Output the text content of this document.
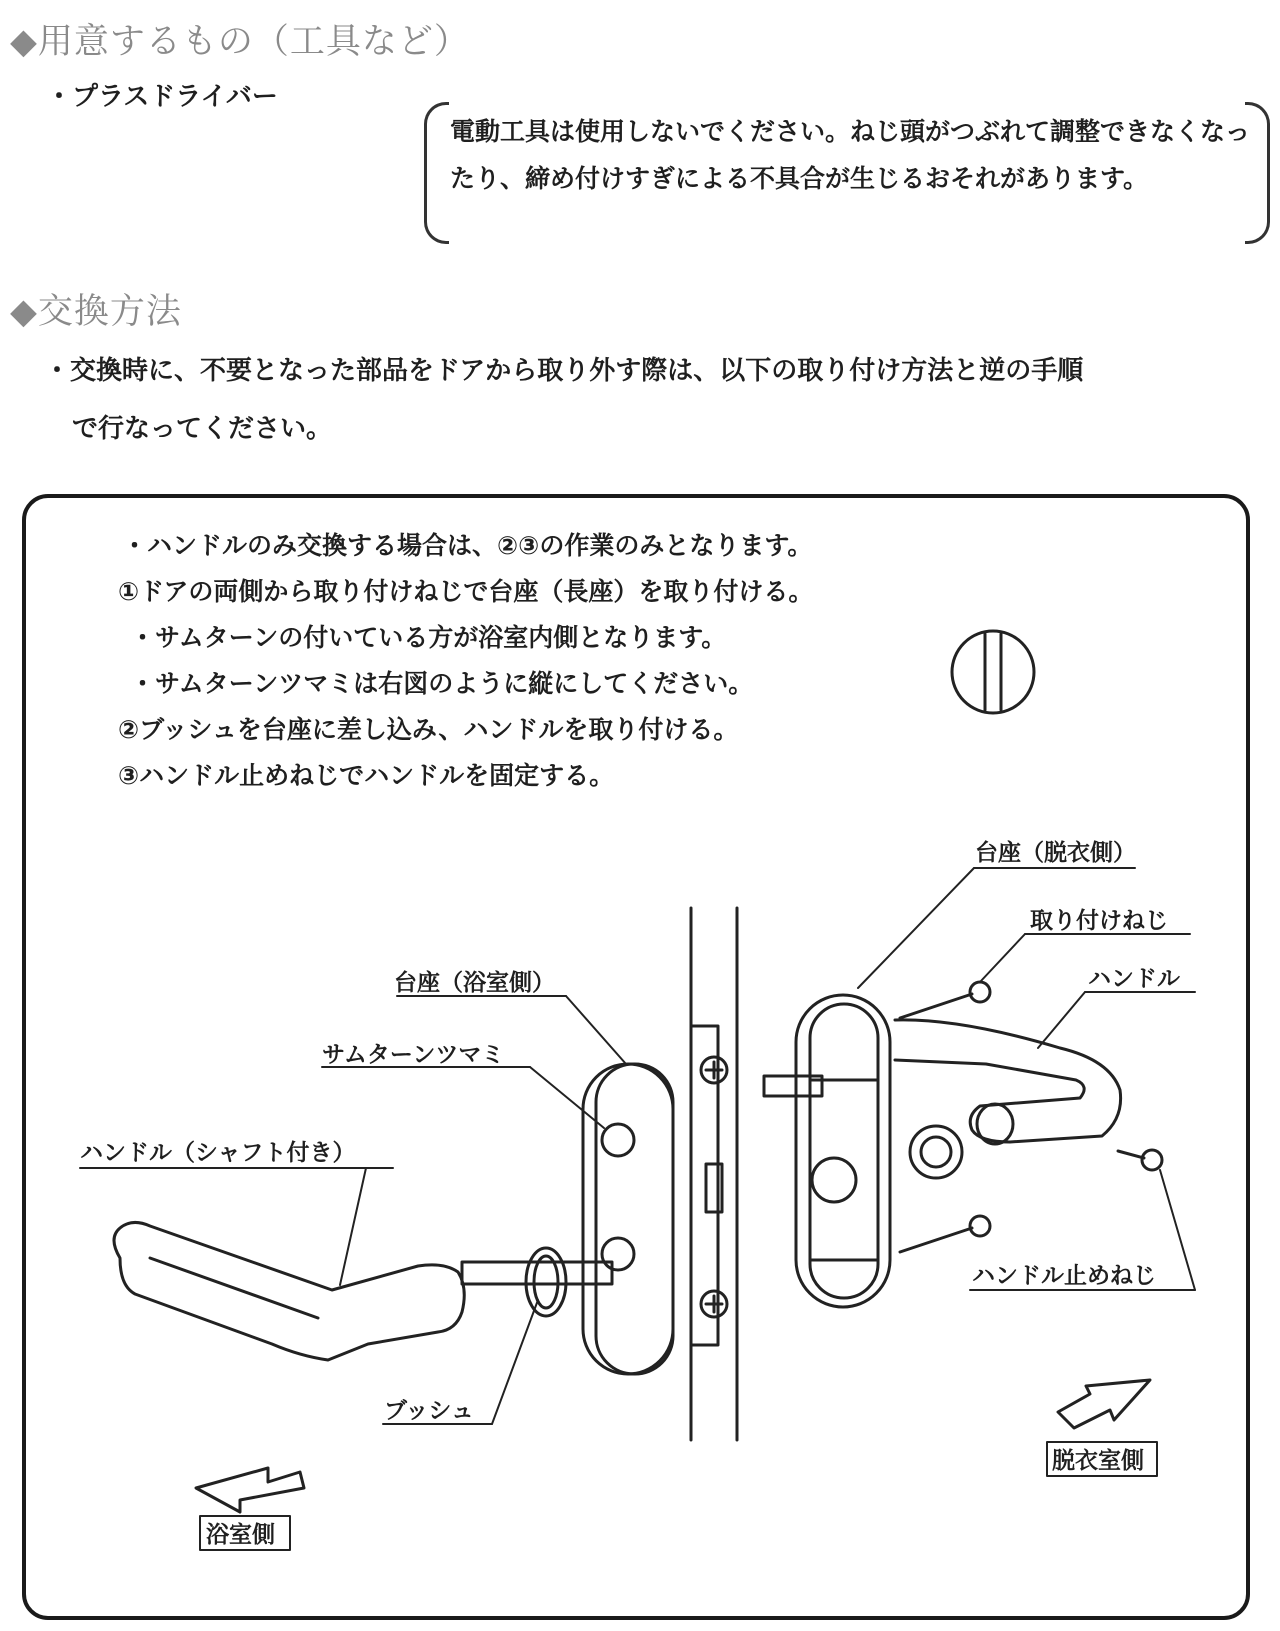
◆用意するもの（工具など）
・プラスドライバー
電動工具は使用しないでください。ねじ頭がつぶれて調整できなくなったり、締め付けすぎによる不具合が生じるおそれがあります。
◆交換方法
・交換時に、不要となった部品をドアから取り外す際は、以下の取り付け方法と逆の手順
で行なってください。
・ハンドルのみ交換する場合は、②③の作業のみとなります。
①ドアの両側から取り付けねじで台座（長座）を取り付ける。
・サムターンの付いている方が浴室内側となります。
・サムターンツマミは右図のように縦にしてください。
②ブッシュを台座に差し込み、ハンドルを取り付ける。
③ハンドル止めねじでハンドルを固定する。
台座（脱衣側）
取り付けねじ
ハンドル
台座（浴室側）
サムターンツマミ
ハンドル（シャフト付き）
ハンドル止めねじ
ブッシュ
脱衣室側
浴室側
